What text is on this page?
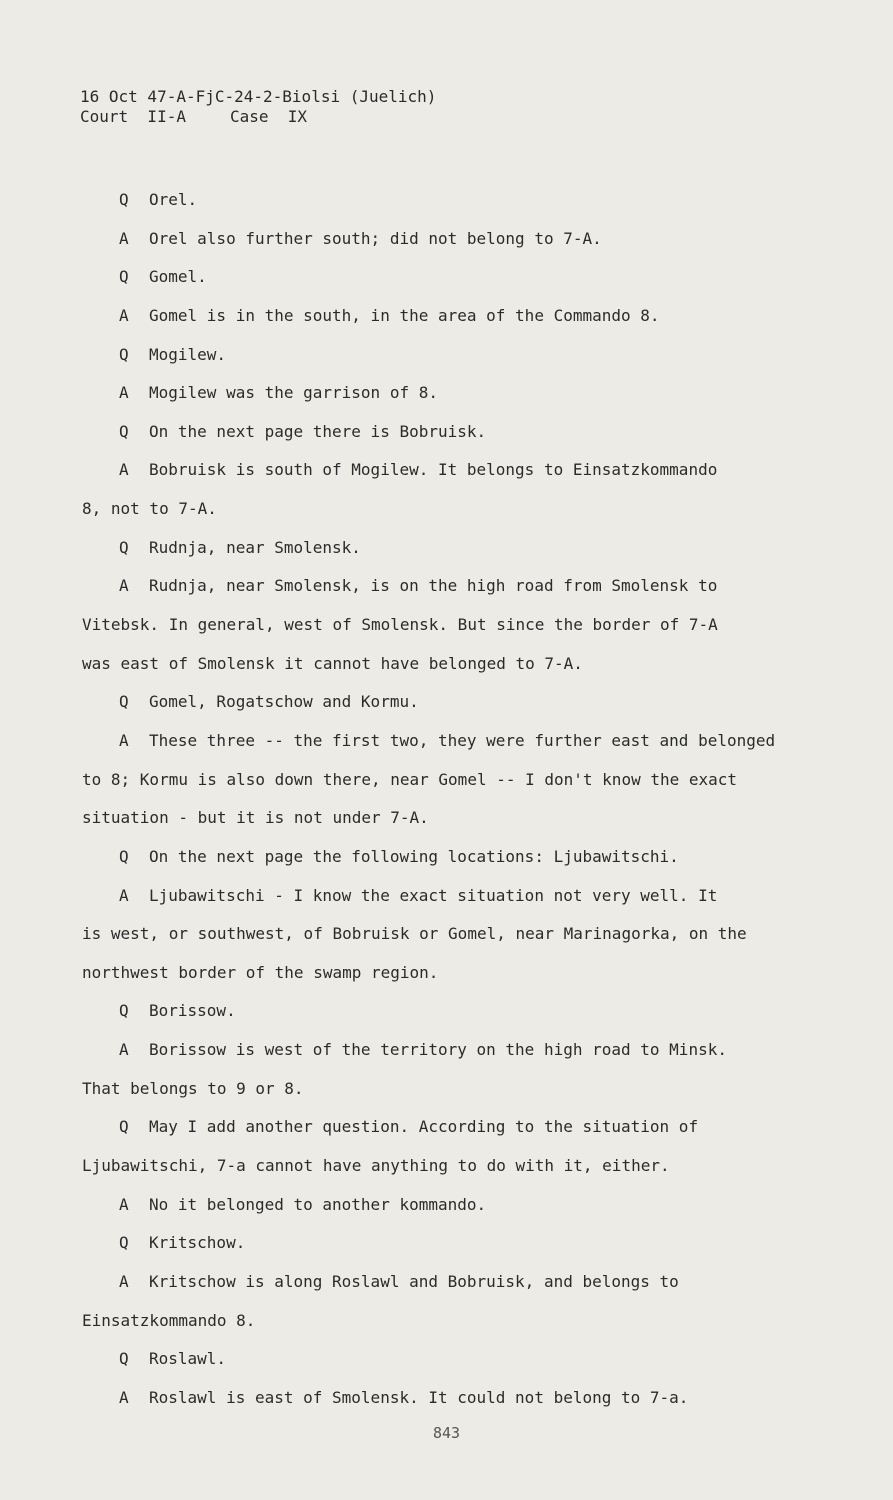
16 Oct 47-A-FjC-24-2-Biolsi (Juelich)
Court  II-A	Case  IX
Q Orel.
A Orel also further south; did not belong to 7-A.
Q Gomel.
A Gomel is in the south, in the area of the Commando 8.
Q Mogilew.
A Mogilew was the garrison of 8.
Q On the next page there is Bobruisk.
A Bobruisk is south of Mogilew. It belongs to Einsatzkommando
8, not to 7-A.
Q Rudnja, near Smolensk.
A Rudnja, near Smolensk, is on the high road from Smolensk to
Vitebsk. In general, west of Smolensk. But since the border of 7-A
was east of Smolensk it cannot have belonged to 7-A.
Q Gomel, Rogatschow and Kormu.
A These three -- the first two, they were further east and belonged
to 8; Kormu is also down there, near Gomel -- I don't know the exact
situation - but it is not under 7-A.
Q On the next page the following locations: Ljubawitschi.
A Ljubawitschi - I know the exact situation not very well. It
is west, or southwest, of Bobruisk or Gomel, near Marinagorka, on the
northwest border of the swamp region.
Q Borissow.
A Borissow is west of the territory on the high road to Minsk.
That belongs to 9 or 8.
Q May I add another question. According to the situation of
Ljubawitschi, 7-a cannot have anything to do with it, either.
A No it belonged to another kommando.
Q Kritschow.
A Kritschow is along Roslawl and Bobruisk, and belongs to
Einsatzkommando 8.
Q Roslawl.
A Roslawl is east of Smolensk. It could not belong to 7-a.
843
